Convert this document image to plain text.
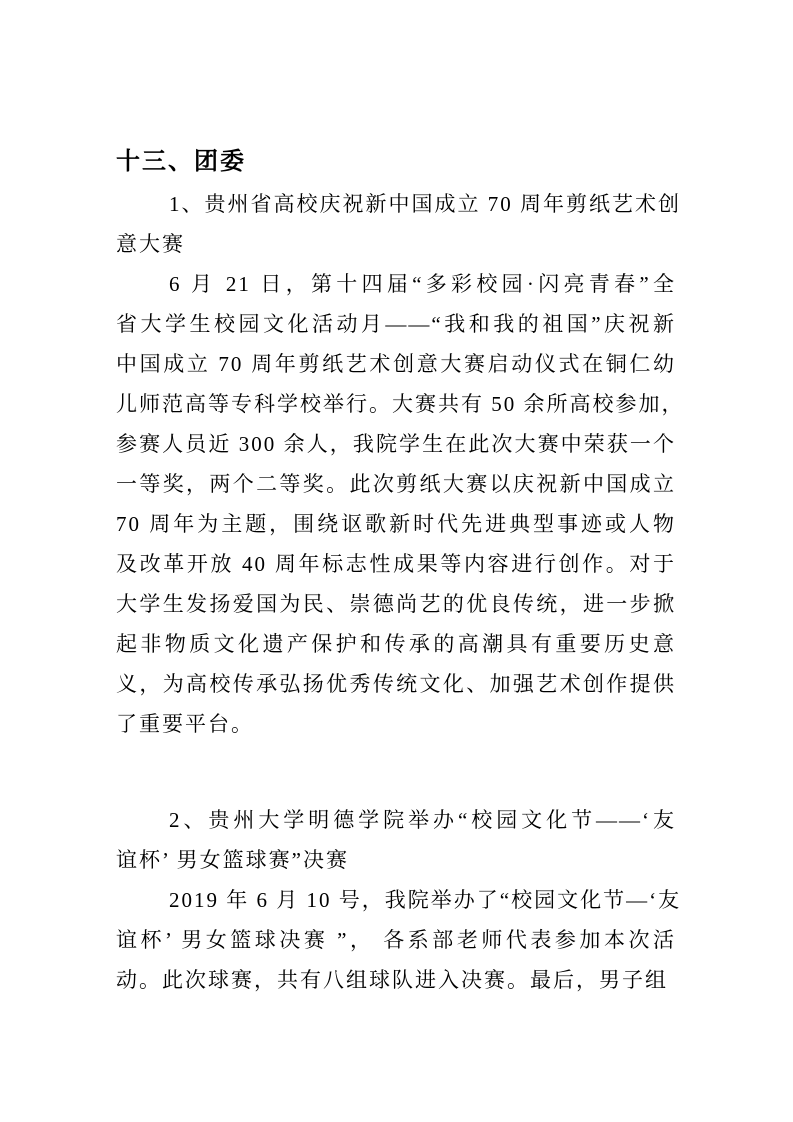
十三、团委
1、贵州省高校庆祝新中国成立 70 周年剪纸艺术创
意大赛
6 月 21 日，第十四届“多彩校园·闪亮青春”全
省大学生校园文化活动月——“我和我的祖国”庆祝新
中国成立 70 周年剪纸艺术创意大赛启动仪式在铜仁幼
儿师范高等专科学校举行。大赛共有 50 余所高校参加，
参赛人员近 300 余人，我院学生在此次大赛中荣获一个
一等奖，两个二等奖。此次剪纸大赛以庆祝新中国成立
70 周年为主题，围绕讴歌新时代先进典型事迹或人物
及改革开放 40 周年标志性成果等内容进行创作。对于
大学生发扬爱国为民、崇德尚艺的优良传统，进一步掀
起非物质文化遗产保护和传承的高潮具有重要历史意
义，为高校传承弘扬优秀传统文化、加强艺术创作提供
了重要平台。
2、贵州大学明德学院举办“校园文化节——‘友
谊杯’ 男女篮球赛”决赛
2019 年 6 月 10 号，我院举办了“校园文化节—‘友
谊杯’ 男女篮球决赛 ”， 各系部老师代表参加本次活
动。此次球赛，共有八组球队进入决赛。最后，男子组
